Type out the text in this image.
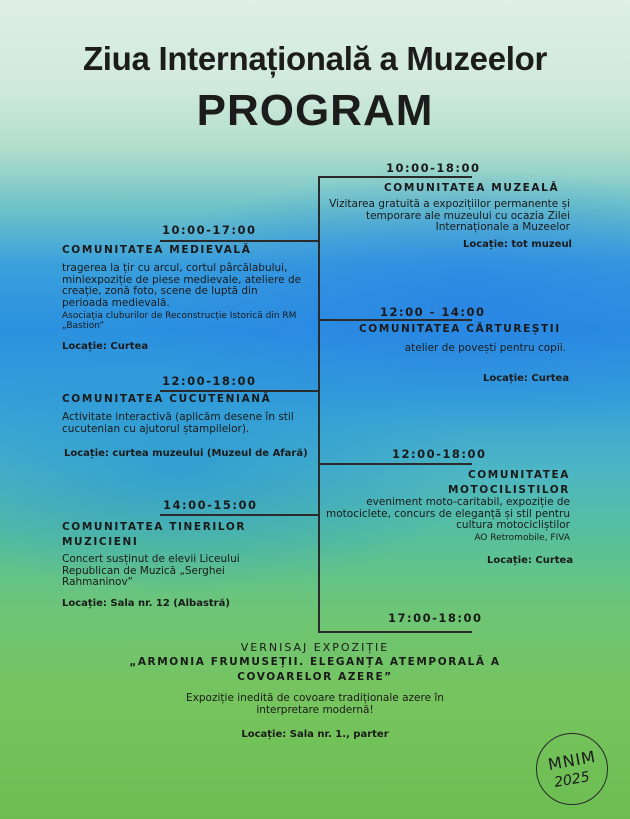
Ziua Internațională a Muzeelor
PROGRAM
10:00-18:00
COMUNITATEA MUZEALĂ
Vizitarea gratuită a expozițiilor permanente și temporare ale muzeului cu ocazia Zilei Internaționale a Muzeelor
Locație: tot muzeul
10:00-17:00
COMUNITATEA MEDIEVALĂ
tragerea la țir cu arcul, cortul pârcălabului, miniexpoziție de piese medievale, ateliere de creație, zonă foto, scene de luptă din perioada medievală.
Asociația cluburilor de Reconstrucție Istorică din RM „Bastion”
Locație: Curtea
12:00 - 14:00
COMUNITATEA CĂRTUREȘTII
atelier de povești pentru copii.
Locație: Curtea
12:00-18:00
COMUNITATEA CUCUTENIANĂ
Activitate interactivă (aplicăm desene în stil cucutenian cu ajutorul ștampilelor).
Locație: curtea muzeului (Muzeul de Afară)	12:00-18:00
COMUNITATEA
MOTOCILISTILOR
eveniment moto-caritabil, expoziție de motociclete, concurs de eleganță și stil pentru cultura motocicliștilor
AO Retromobile, FIVA
Locație: Curtea
14:00-15:00
COMUNITATEA TINERILOR
MUZICIENI
Concert susținut de elevii Liceului Republican de Muzică „Serghei Rahmaninov”
Locație: Sala nr. 12 (Albastră)
17:00-18:00
VERNISAJ EXPOZIȚIE
„ARMONIA FRUMUSEȚII. ELEGANȚA ATEMPORALĂ A
COVOARELOR AZERE”
Expoziție inedită de covoare tradiționale azere în
interpretare modernă!
Locație: Sala nr. 1., parter
MNIM
2025
